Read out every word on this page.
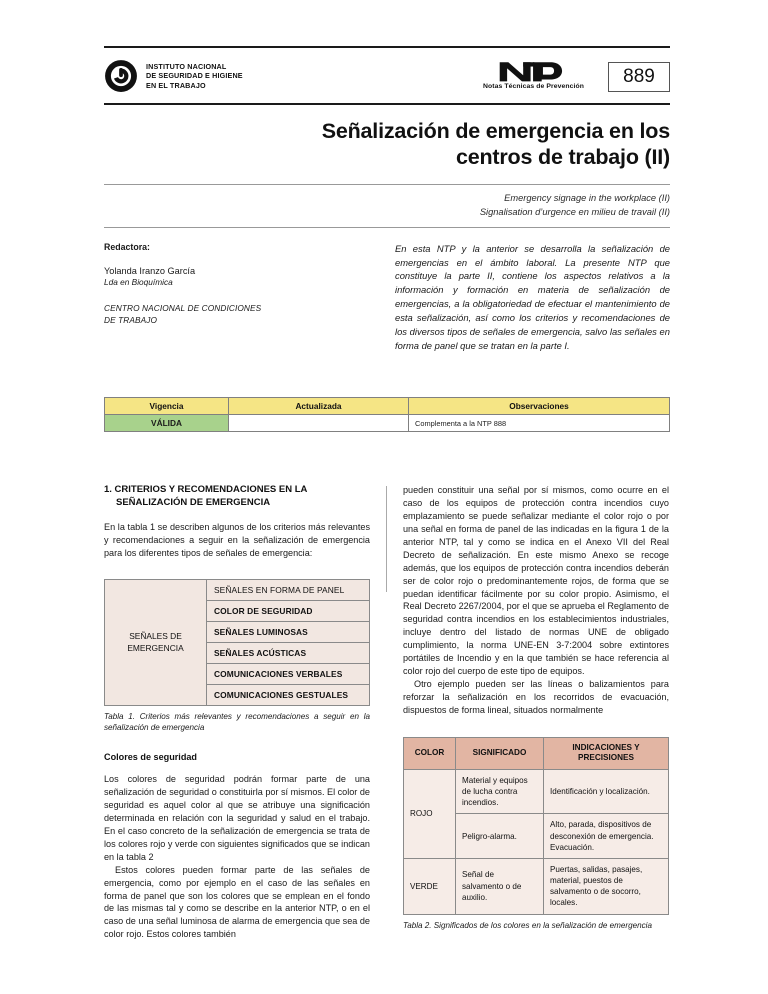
INSTITUTO NACIONAL
DE SEGURIDAD E HIGIENE
EN EL TRABAJO	Notas Técnicas de Prevención	889
Señalización de emergencia en los
centros de trabajo (II)
Emergency signage in the workplace (II)
Signalisation d’urgence en milieu de travail (II)
Redactora:
Yolanda Iranzo García
Lda en Bioquímica
CENTRO NACIONAL DE CONDICIONES
DE TRABAJO
En esta NTP y la anterior se desarrolla la señalización de emergencias en el ámbito laboral. La presente NTP que constituye la parte II, contiene los aspectos relativos a la información y formación en materia de señalización de emergencias, a la obligatoriedad de efectuar el mantenimiento de esta señalización, así como los criterios y recomendaciones de los diversos tipos de señales de emergencia, salvo las señales en forma de panel que se tratan en la parte I.
Vigencia	Actualizada	Observaciones
VÁLIDA		Complementa a la NTP 888
1. CRITERIOS Y RECOMENDACIONES EN LA SEÑALIZACIÓN DE EMERGENCIA

En la tabla 1 se describen algunos de los criterios más relevantes y recomendaciones a seguir en la señalización de emergencia para los diferentes tipos de señales de emergencia:

SEÑALES DE EMERGENCIA	SEÑALES EN FORMA DE PANEL
COLOR DE SEGURIDAD
SEÑALES LUMINOSAS
SEÑALES ACÚSTICAS
COMUNICACIONES VERBALES
COMUNICACIONES GESTUALES
Tabla 1. Criterios más relevantes y recomendaciones a seguir en la señalización de emergencia
Colores de seguridad

Los colores de seguridad podrán formar parte de una señalización de seguridad o constituirla por sí mismos. El color de seguridad es aquel color al que se atribuye una significación determinada en relación con la seguridad y salud en el trabajo. En el caso concreto de la señalización de emergencia se trata de los colores rojo y verde con siguientes significados que se indican en la tabla 2

Estos colores pueden formar parte de las señales de emergencia, como por ejemplo en el caso de las señales en forma de panel que son los colores que se emplean en el fondo de las mismas tal y como se describe en la anterior NTP, o en el caso de una señal luminosa de alarma de emergencia que sea de color rojo. Estos colores también

pueden constituir una señal por sí mismos, como ocurre en el caso de los equipos de protección contra incendios cuyo emplazamiento se puede señalizar mediante el color rojo o por una señal en forma de panel de las indicadas en la figura 1 de la anterior NTP, tal y como se indica en el Anexo VII del Real Decreto de señalización. En este mismo Anexo se recoge además, que los equipos de protección contra incendios deberán ser de color rojo o predominantemente rojos, de forma que se puedan identificar fácilmente por su color propio. Asimismo, el Real Decreto 2267/2004, por el que se aprueba el Reglamento de seguridad contra incendios en los establecimientos industriales, incluye dentro del listado de normas UNE de obligado cumplimiento, la norma UNE-EN 3-7:2004 sobre extintores portátiles de Incendio y en la que también se hace referencia al color rojo del cuerpo de este tipo de equipos.

Otro ejemplo pueden ser las líneas o balizamientos para reforzar la señalización en los recorridos de evacuación, dispuestos de forma lineal, situados normalmente

COLOR	SIGNIFICADO	INDICACIONES Y PRECISIONES
ROJO	Material y equipos de lucha contra incendios.	Identificación y localización.
	Peligro-alarma.	Alto, parada, dispositivos de desconexión de emergencia. Evacuación.
VERDE	Señal de salvamento o de auxilio.	Puertas, salidas, pasajes, material, puestos de salvamento o de socorro, locales.
Tabla 2. Significados de los colores en la señalización de emergencia
